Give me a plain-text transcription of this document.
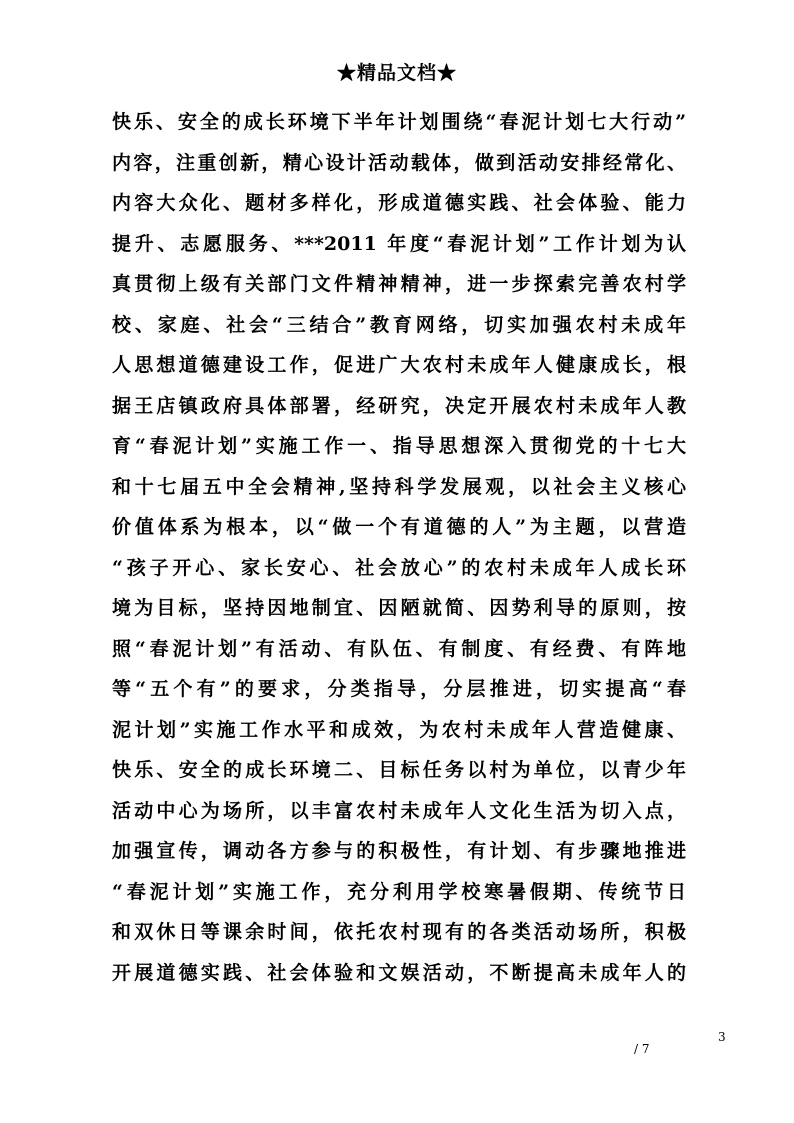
★精品文档★
快乐、安全的成长环境下半年计划围绕“春泥计划七大行动”
内容，注重创新，精心设计活动载体，做到活动安排经常化、
内容大众化、题材多样化，形成道德实践、社会体验、能力
提升、志愿服务、***2011 年度“春泥计划”工作计划为认
真贯彻上级有关部门文件精神精神，进一步探索完善农村学
校、家庭、社会“三结合”教育网络，切实加强农村未成年
人思想道德建设工作，促进广大农村未成年人健康成长，根
据王店镇政府具体部署，经研究，决定开展农村未成年人教
育“春泥计划”实施工作一、指导思想深入贯彻党的十七大
和十七届五中全会精神,坚持科学发展观，以社会主义核心
价值体系为根本，以“做一个有道德的人”为主题，以营造
“孩子开心、家长安心、社会放心”的农村未成年人成长环
境为目标，坚持因地制宜、因陋就简、因势利导的原则，按
照“春泥计划”有活动、有队伍、有制度、有经费、有阵地
等“五个有”的要求，分类指导，分层推进，切实提高“春
泥计划”实施工作水平和成效，为农村未成年人营造健康、
快乐、安全的成长环境二、目标任务以村为单位，以青少年
活动中心为场所，以丰富农村未成年人文化生活为切入点，
加强宣传，调动各方参与的积极性，有计划、有步骤地推进
“春泥计划”实施工作，充分利用学校寒暑假期、传统节日
和双休日等课余时间，依托农村现有的各类活动场所，积极
开展道德实践、社会体验和文娱活动，不断提高未成年人的
3
/ 7
